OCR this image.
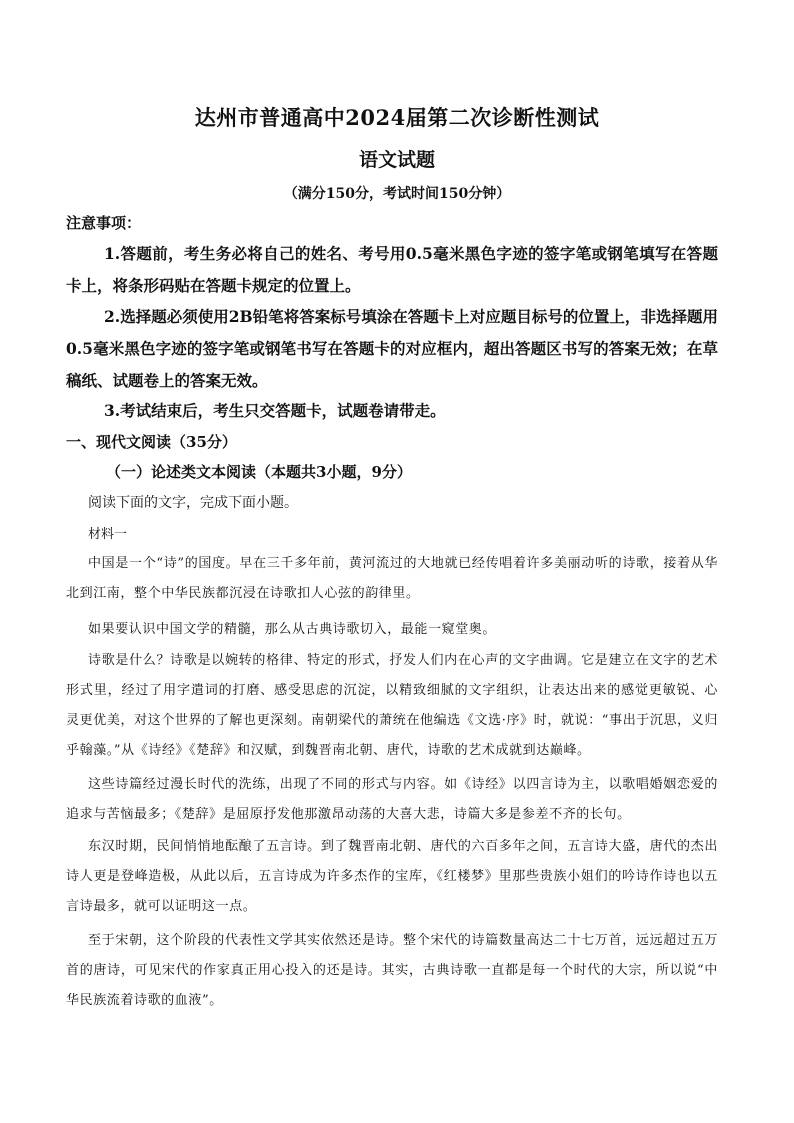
达州市普通高中2024届第二次诊断性测试
语文试题
（满分150分，考试时间150分钟）
注意事项：
1.答题前，考生务必将自己的姓名、考号用0.5毫米黑色字迹的签字笔或钢笔填写在答题卡上，将条形码贴在答题卡规定的位置上。
2.选择题必须使用2B铅笔将答案标号填涂在答题卡上对应题目标号的位置上，非选择题用0.5毫米黑色字迹的签字笔或钢笔书写在答题卡的对应框内，超出答题区书写的答案无效；在草稿纸、试题卷上的答案无效。
3.考试结束后，考生只交答题卡，试题卷请带走。
一、现代文阅读（35分）
（一）论述类文本阅读（本题共3小题，9分）
阅读下面的文字，完成下面小题。
材料一
中国是一个“诗”的国度。早在三千多年前，黄河流过的大地就已经传唱着许多美丽动听的诗歌，接着从华北到江南，整个中华民族都沉浸在诗歌扣人心弦的韵律里。
如果要认识中国文学的精髓，那么从古典诗歌切入，最能一窥堂奥。
诗歌是什么？诗歌是以婉转的格律、特定的形式，抒发人们内在心声的文字曲调。它是建立在文字的艺术形式里，经过了用字遣词的打磨、感受思虑的沉淀，以精致细腻的文字组织，让表达出来的感觉更敏锐、心灵更优美，对这个世界的了解也更深刻。南朝梁代的萧统在他编选《文选·序》时，就说：“事出于沉思，义归乎翰藻。”从《诗经》《楚辞》和汉赋，到魏晋南北朝、唐代，诗歌的艺术成就到达巅峰。
这些诗篇经过漫长时代的洗练，出现了不同的形式与内容。如《诗经》以四言诗为主，以歌唱婚姻恋爱的追求与苦恼最多；《楚辞》是屈原抒发他那激昂动荡的大喜大悲，诗篇大多是参差不齐的长句。
东汉时期，民间悄悄地酝酿了五言诗。到了魏晋南北朝、唐代的六百多年之间，五言诗大盛，唐代的杰出诗人更是登峰造极，从此以后，五言诗成为许多杰作的宝库，《红楼梦》里那些贵族小姐们的吟诗作诗也以五言诗最多，就可以证明这一点。
至于宋朝，这个阶段的代表性文学其实依然还是诗。整个宋代的诗篇数量高达二十七万首，远远超过五万首的唐诗，可见宋代的作家真正用心投入的还是诗。其实，古典诗歌一直都是每一个时代的大宗，所以说“中华民族流着诗歌的血液”。
